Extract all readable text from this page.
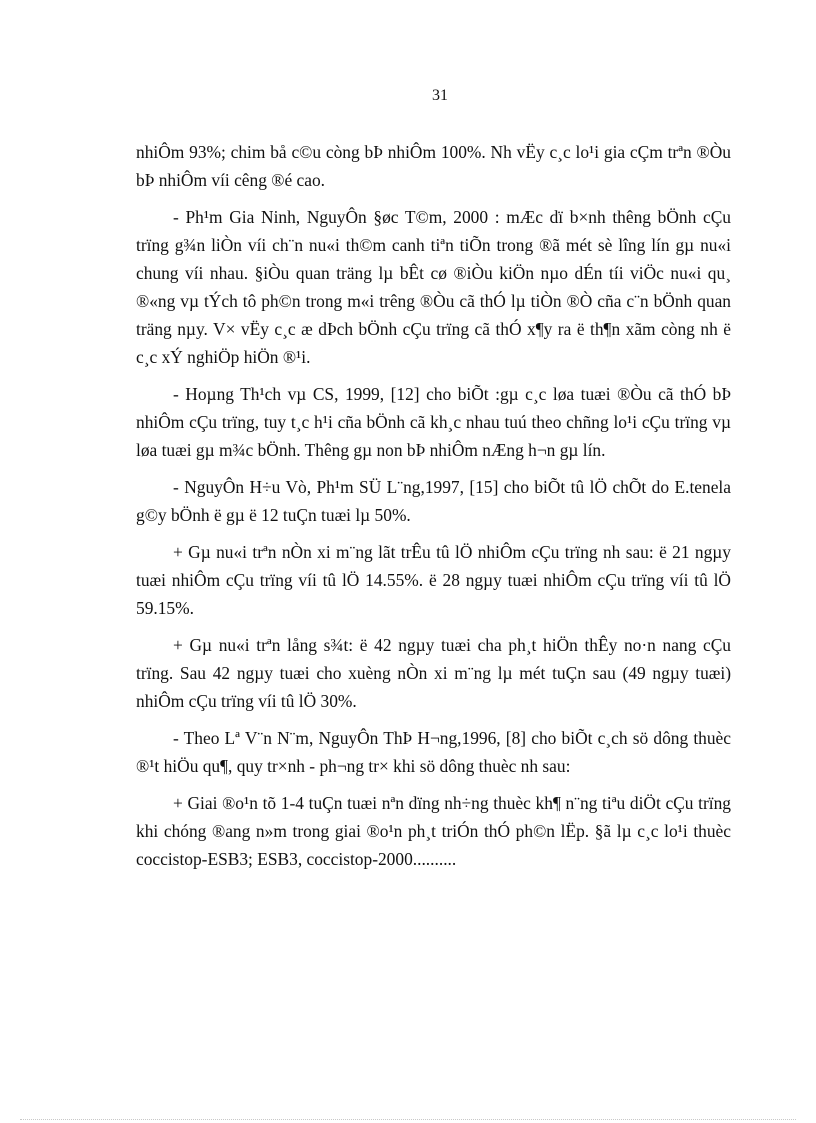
31

nhiÔm 93%; chim bå c©u còng bÞ nhiÔm 100%. Nh vËy c¸c lo¹i gia cÇm trªn ®Òu bÞ nhiÔm víi cêng ®é cao.

- Ph¹m Gia Ninh, NguyÔn §øc T©m, 2000 : mÆc dï b×nh thêng bÖnh cÇu trïng g¾n liÒn víi ch¨n nu«i th©m canh tiªn tiÕn trong ®ã mét sè lîng lín gµ nu«i chung víi nhau. §iÒu quan träng lµ bÊt cø ®iÒu kiÖn nµo dÉn tíi viÖc nu«i qu¸ ®«ng vµ tÝch tô ph©n trong m«i trêng ®Òu cã thÓ lµ tiÒn ®Ò cña c¨n bÖnh quan träng nµy. V× vËy c¸c æ dÞch bÖnh cÇu trïng cã thÓ x¶y ra ë th¶n xãm còng nh ë c¸c xÝ nghiÖp hiÖn ®¹i.

- Hoµng Th¹ch vµ CS, 1999, [12] cho biÕt :gµ c¸c løa tuæi ®Òu cã thÓ bÞ nhiÔm cÇu trïng, tuy t¸c h¹i cña bÖnh cã kh¸c nhau tuú theo chñng lo¹i cÇu trïng vµ løa tuæi gµ m¾c bÖnh. Thêng gµ non bÞ nhiÔm nÆng h¬n gµ lín.

- NguyÔn H÷u Vò, Ph¹m SÜ L¨ng,1997, [15] cho biÕt tû lÖ chÕt do E.tenela g©y bÖnh ë gµ ë 12 tuÇn tuæi lµ 50%.

+ Gµ nu«i trªn nÒn xi m¨ng lãt trÊu tû lÖ nhiÔm cÇu trïng nh sau: ë 21 ngµy tuæi nhiÔm cÇu trïng víi tû lÖ 14.55%. ë 28 ngµy tuæi nhiÔm cÇu trïng víi tû lÖ 59.15%.

+ Gµ nu«i trªn lång s¾t: ë 42 ngµy tuæi cha ph¸t hiÖn thÊy no·n nang cÇu trïng. Sau 42 ngµy tuæi cho xuèng nÒn xi m¨ng lµ mét tuÇn sau (49 ngµy tuæi) nhiÔm cÇu trïng víi tû lÖ 30%.

- Theo Lª V¨n N¨m, NguyÔn ThÞ H¬ng,1996, [8] cho biÕt c¸ch sö dông thuèc ®¹t hiÖu qu¶, quy tr×nh - ph¬ng tr× khi sö dông thuèc nh sau:

+ Giai ®o¹n tõ 1-4 tuÇn tuæi nªn dïng nh÷ng thuèc kh¶ n¨ng tiªu diÖt cÇu trïng khi chóng ®ang n»m trong giai ®o¹n ph¸t triÓn thÓ ph©n lËp. §ã lµ c¸c lo¹i thuèc coccistop-ESB3; ESB3, coccistop-2000..........
